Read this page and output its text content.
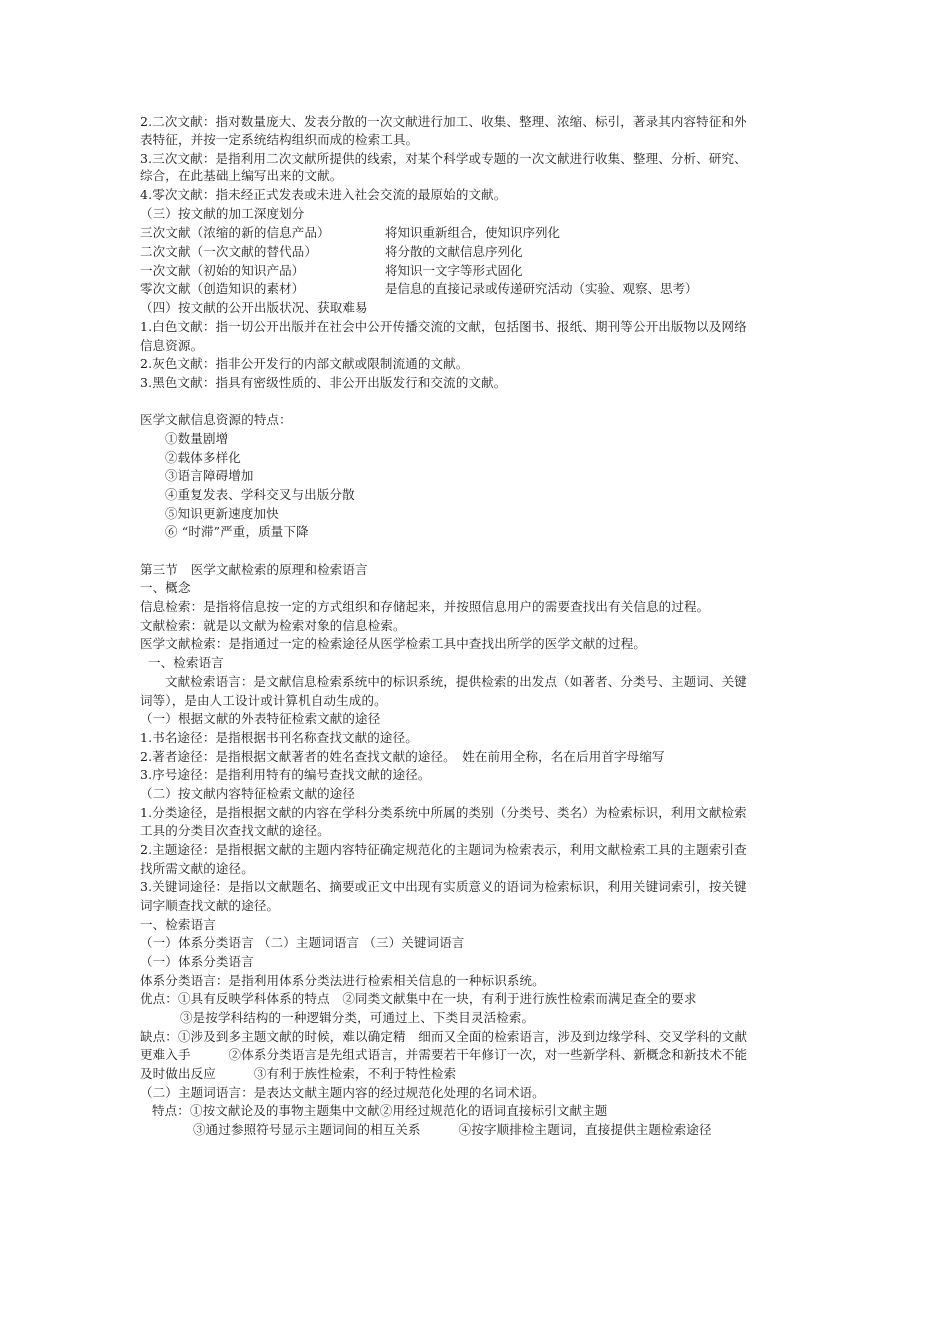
2.二次文献：指对数量庞大、发表分散的一次文献进行加工、收集、整理、浓缩、标引，著录其内容特征和外
表特征，并按一定系统结构组织而成的检索工具。
3.三次文献：是指利用二次文献所提供的线索，对某个科学或专题的一次文献进行收集、整理、分析、研究、
综合，在此基础上编写出来的文献。
4.零次文献：指未经正式发表或未进入社会交流的最原始的文献。
（三）按文献的加工深度划分
三次文献（浓缩的新的信息产品）	将知识重新组合，使知识序列化
二次文献（一次文献的替代品）	将分散的文献信息序列化
一次文献（初始的知识产品）	将知识一文字等形式固化
零次文献（创造知识的素材）	是信息的直接记录或传递研究活动（实验、观察、思考）
（四）按文献的公开出版状况、获取难易
1.白色文献：指一切公开出版并在社会中公开传播交流的文献，包括图书、报纸、期刊等公开出版物以及网络
信息资源。
2.灰色文献：指非公开发行的内部文献或限制流通的文献。
3.黑色文献：指具有密级性质的、非公开出版发行和交流的文献。
医学文献信息资源的特点：
①数量剧增
②载体多样化
③语言障碍增加
④重复发表、学科交叉与出版分散
⑤知识更新速度加快
⑥ “时滞”严重，质量下降
第三节　医学文献检索的原理和检索语言
一、概念
信息检索：是指将信息按一定的方式组织和存储起来，并按照信息用户的需要查找出有关信息的过程。
文献检索：就是以文献为检索对象的信息检索。
医学文献检索：是指通过一定的检索途径从医学检索工具中查找出所学的医学文献的过程。
一、检索语言
文献检索语言：是文献信息检索系统中的标识系统，提供检索的出发点（如著者、分类号、主题词、关键
词等），是由人工设计或计算机自动生成的。
（一）根据文献的外表特征检索文献的途径
1.书名途径：是指根据书刊名称查找文献的途径。
2.著者途径：是指根据文献著者的姓名查找文献的途径。　姓在前用全称，名在后用首字母缩写
3.序号途径：是指利用特有的编号查找文献的途径。
（二）按文献内容特征检索文献的途径
1.分类途径，是指根据文献的内容在学科分类系统中所属的类别（分类号、类名）为检索标识，利用文献检索
工具的分类目次查找文献的途径。
2.主题途径：是指根据文献的主题内容特征确定规范化的主题词为检索表示，利用文献检索工具的主题索引查
找所需文献的途径。
3.关键词途径：是指以文献题名、摘要或正文中出现有实质意义的语词为检索标识，利用关键词索引，按关键
词字顺查找文献的途径。
一、检索语言
（一）体系分类语言 （二）主题词语言 （三）关键词语言
（一）体系分类语言
体系分类语言：是指利用体系分类法进行检索相关信息的一种标识系统。
优点：①具有反映学科体系的特点　②同类文献集中在一块，有利于进行族性检索而满足查全的要求
③是按学科结构的一种逻辑分类，可通过上、下类目灵活检索。
缺点：①涉及到多主题文献的时候，难以确定精　细而又全面的检索语言，涉及到边缘学科、交叉学科的文献
更难入手　　　②体系分类语言是先组式语言，并需要若干年修订一次，对一些新学科、新概念和新技术不能
及时做出反应　　　③有利于族性检索，不利于特性检索
（二）主题词语言：是表达文献主题内容的经过规范化处理的名词术语。
特点：①按文献论及的事物主题集中文献②用经过规范化的语词直接标引文献主题
③通过参照符号显示主题词间的相互关系　　　④按字顺排检主题词，直接提供主题检索途径
